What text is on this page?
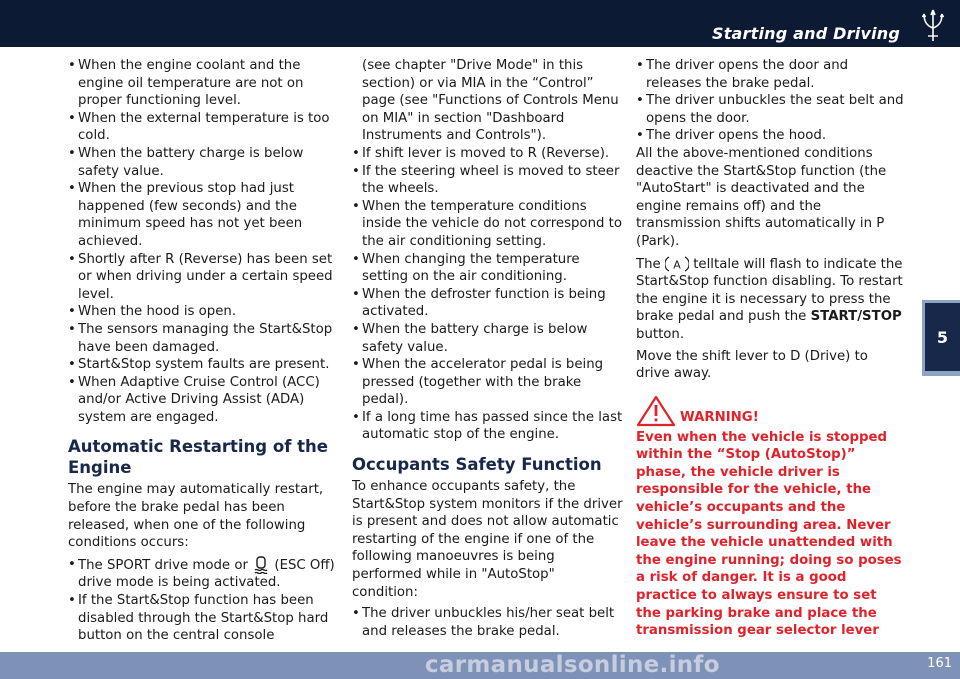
Starting and Driving
5
• When the engine coolant and the engine oil temperature are not on proper functioning level.
• When the external temperature is too cold.
• When the battery charge is below safety value.
• When the previous stop had just happened (few seconds) and the minimum speed has not yet been achieved.
• Shortly after R (Reverse) has been set or when driving under a certain speed level.
• When the hood is open.
• The sensors managing the Start&Stop have been damaged.
• Start&Stop system faults are present.
• When Adaptive Cruise Control (ACC) and/or Active Driving Assist (ADA) system are engaged.
Automatic Restarting of the Engine

The engine may automatically restart, before the brake pedal has been released, when one of the following conditions occurs:

• The SPORT drive mode or (ESC Off) drive mode is being activated.
• If the Start&Stop function has been disabled through the Start&Stop hard button on the central console

(see chapter "Drive Mode" in this section) or via MIA in the “Control” page (see "Functions of Controls Menu on MIA" in section "Dashboard Instruments and Controls").

• If shift lever is moved to R (Reverse).
• If the steering wheel is moved to steer the wheels.
• When the temperature conditions inside the vehicle do not correspond to the air conditioning setting.
• When changing the temperature setting on the air conditioning.
• When the defroster function is being activated.
• When the battery charge is below safety value.
• When the accelerator pedal is being pressed (together with the brake pedal).
• If a long time has passed since the last automatic stop of the engine.
Occupants Safety Function

To enhance occupants safety, the Start&Stop system monitors if the driver is present and does not allow automatic restarting of the engine if one of the following manoeuvres is being performed while in "AutoStop" condition:

• The driver unbuckles his/her seat belt and releases the brake pedal.
• The driver opens the door and releases the brake pedal.
• The driver unbuckles the seat belt and opens the door.
• The driver opens the hood.

All the above-mentioned conditions deactive the Start&Stop function (the "AutoStart" is deactivated and the engine remains off) and the transmission shifts automatically in P (Park).

The A telltale will flash to indicate the Start&Stop function disabling. To restart the engine it is necessary to press the brake pedal and push the START/STOP button.

Move the shift lever to D (Drive) to drive away.

WARNING!

Even when the vehicle is stopped within the “Stop (AutoStop)” phase, the vehicle driver is responsible for the vehicle, the vehicle’s occupants and the vehicle’s surrounding area. Never leave the vehicle unattended with the engine running; doing so poses a risk of danger. It is a good practice to always ensure to set the parking brake and place the transmission gear selector lever

carmanualsonline.info	161
